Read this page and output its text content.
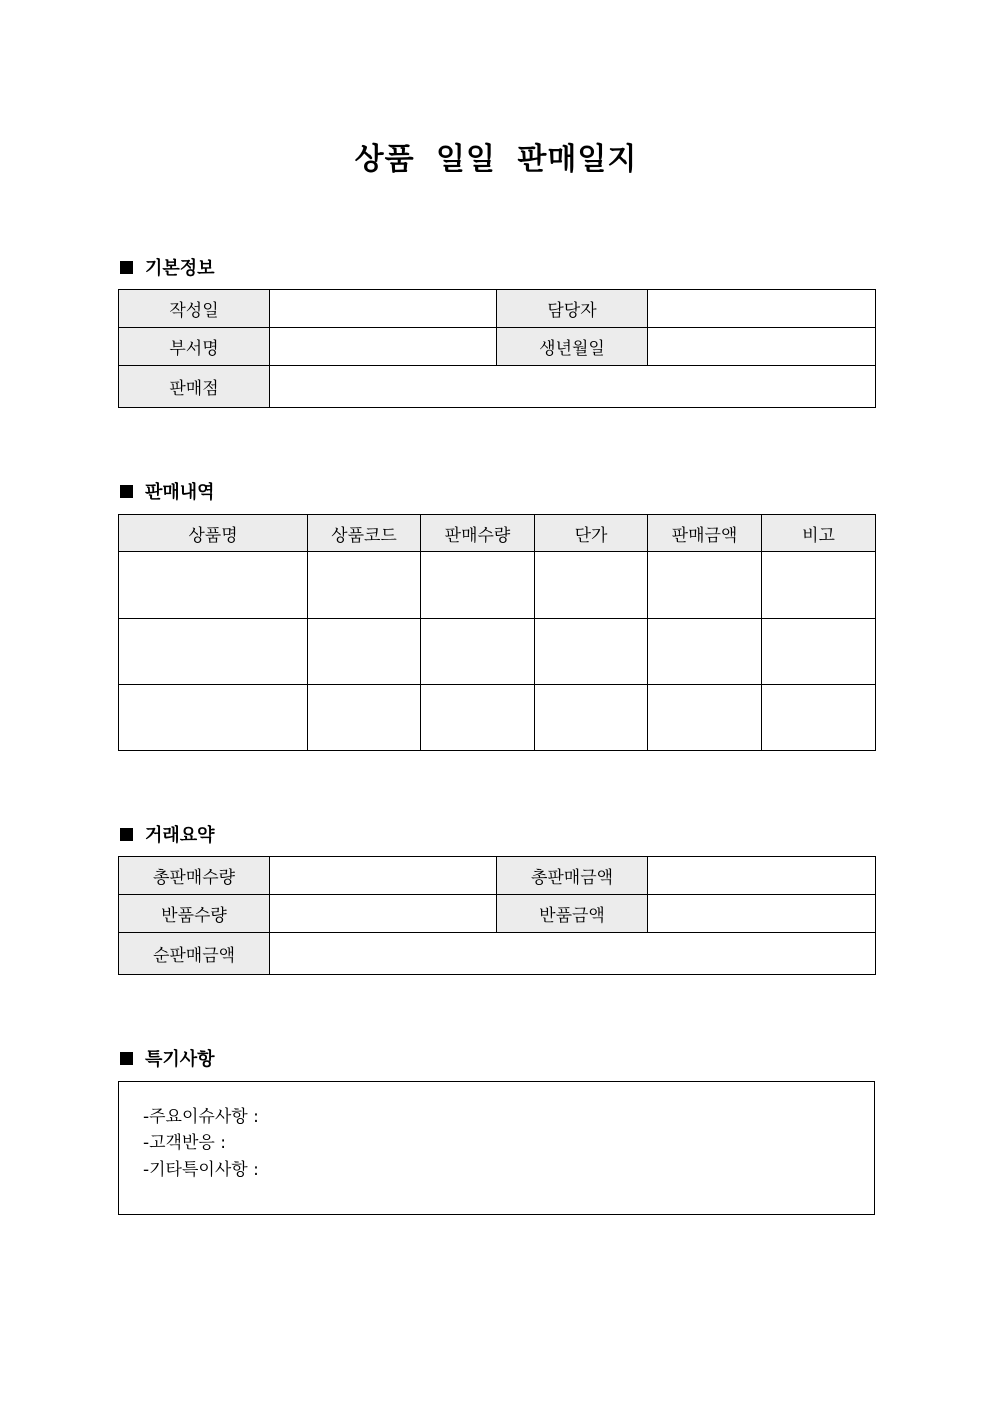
상품 일일 판매일지
기본정보
작성일		담당자	
부서명		생년월일	
판매점			
판매내역
상품명	상품코드	판매수량	단가	판매금액	비고

거래요약
총판매수량		총판매금액	
반품수량		반품금액	
순판매금액			
특기사항
-주요이슈사항 :
-고객반응 :
-기타특이사항 :
